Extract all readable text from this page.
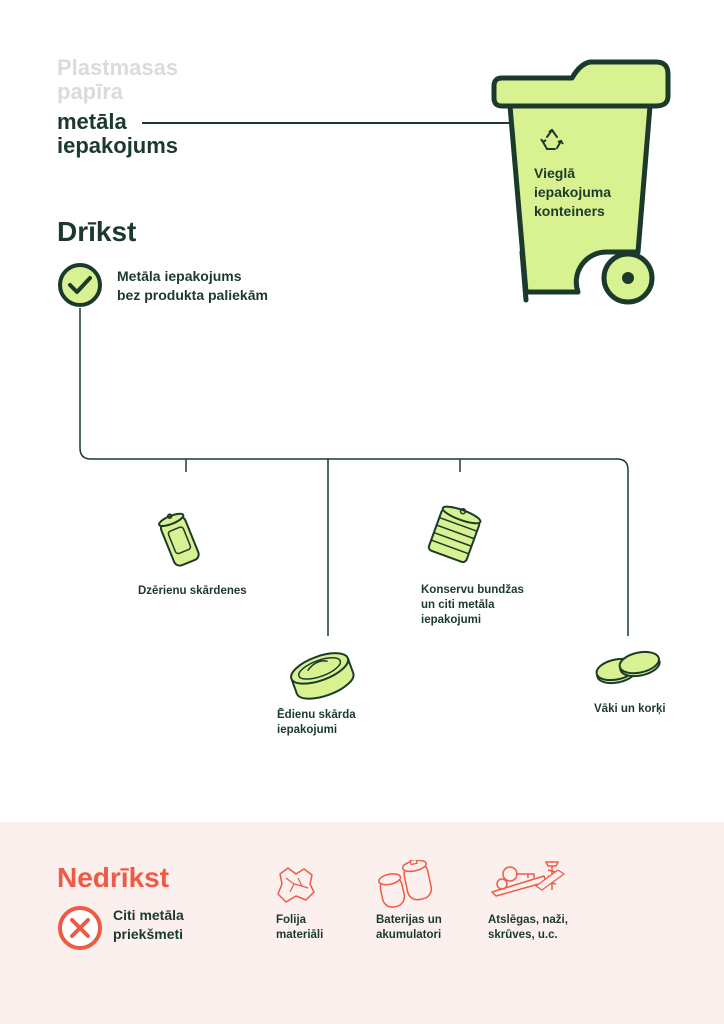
Plastmasas
papīra
metāla
iepakojums
Vieglā
iepakojuma
konteiners
Drīkst
Metāla iepakojums
bez produkta paliekām
Dzērienu skārdenes
Ēdienu skārda
iepakojumi
Konservu bundžas
un citi metāla
iepakojumi
Vāki un korķi
Nedrīkst
Citi metāla
priekšmeti
Folija
materiāli
Baterijas un
akumulatori
Atslēgas, naži,
skrūves, u.c.
